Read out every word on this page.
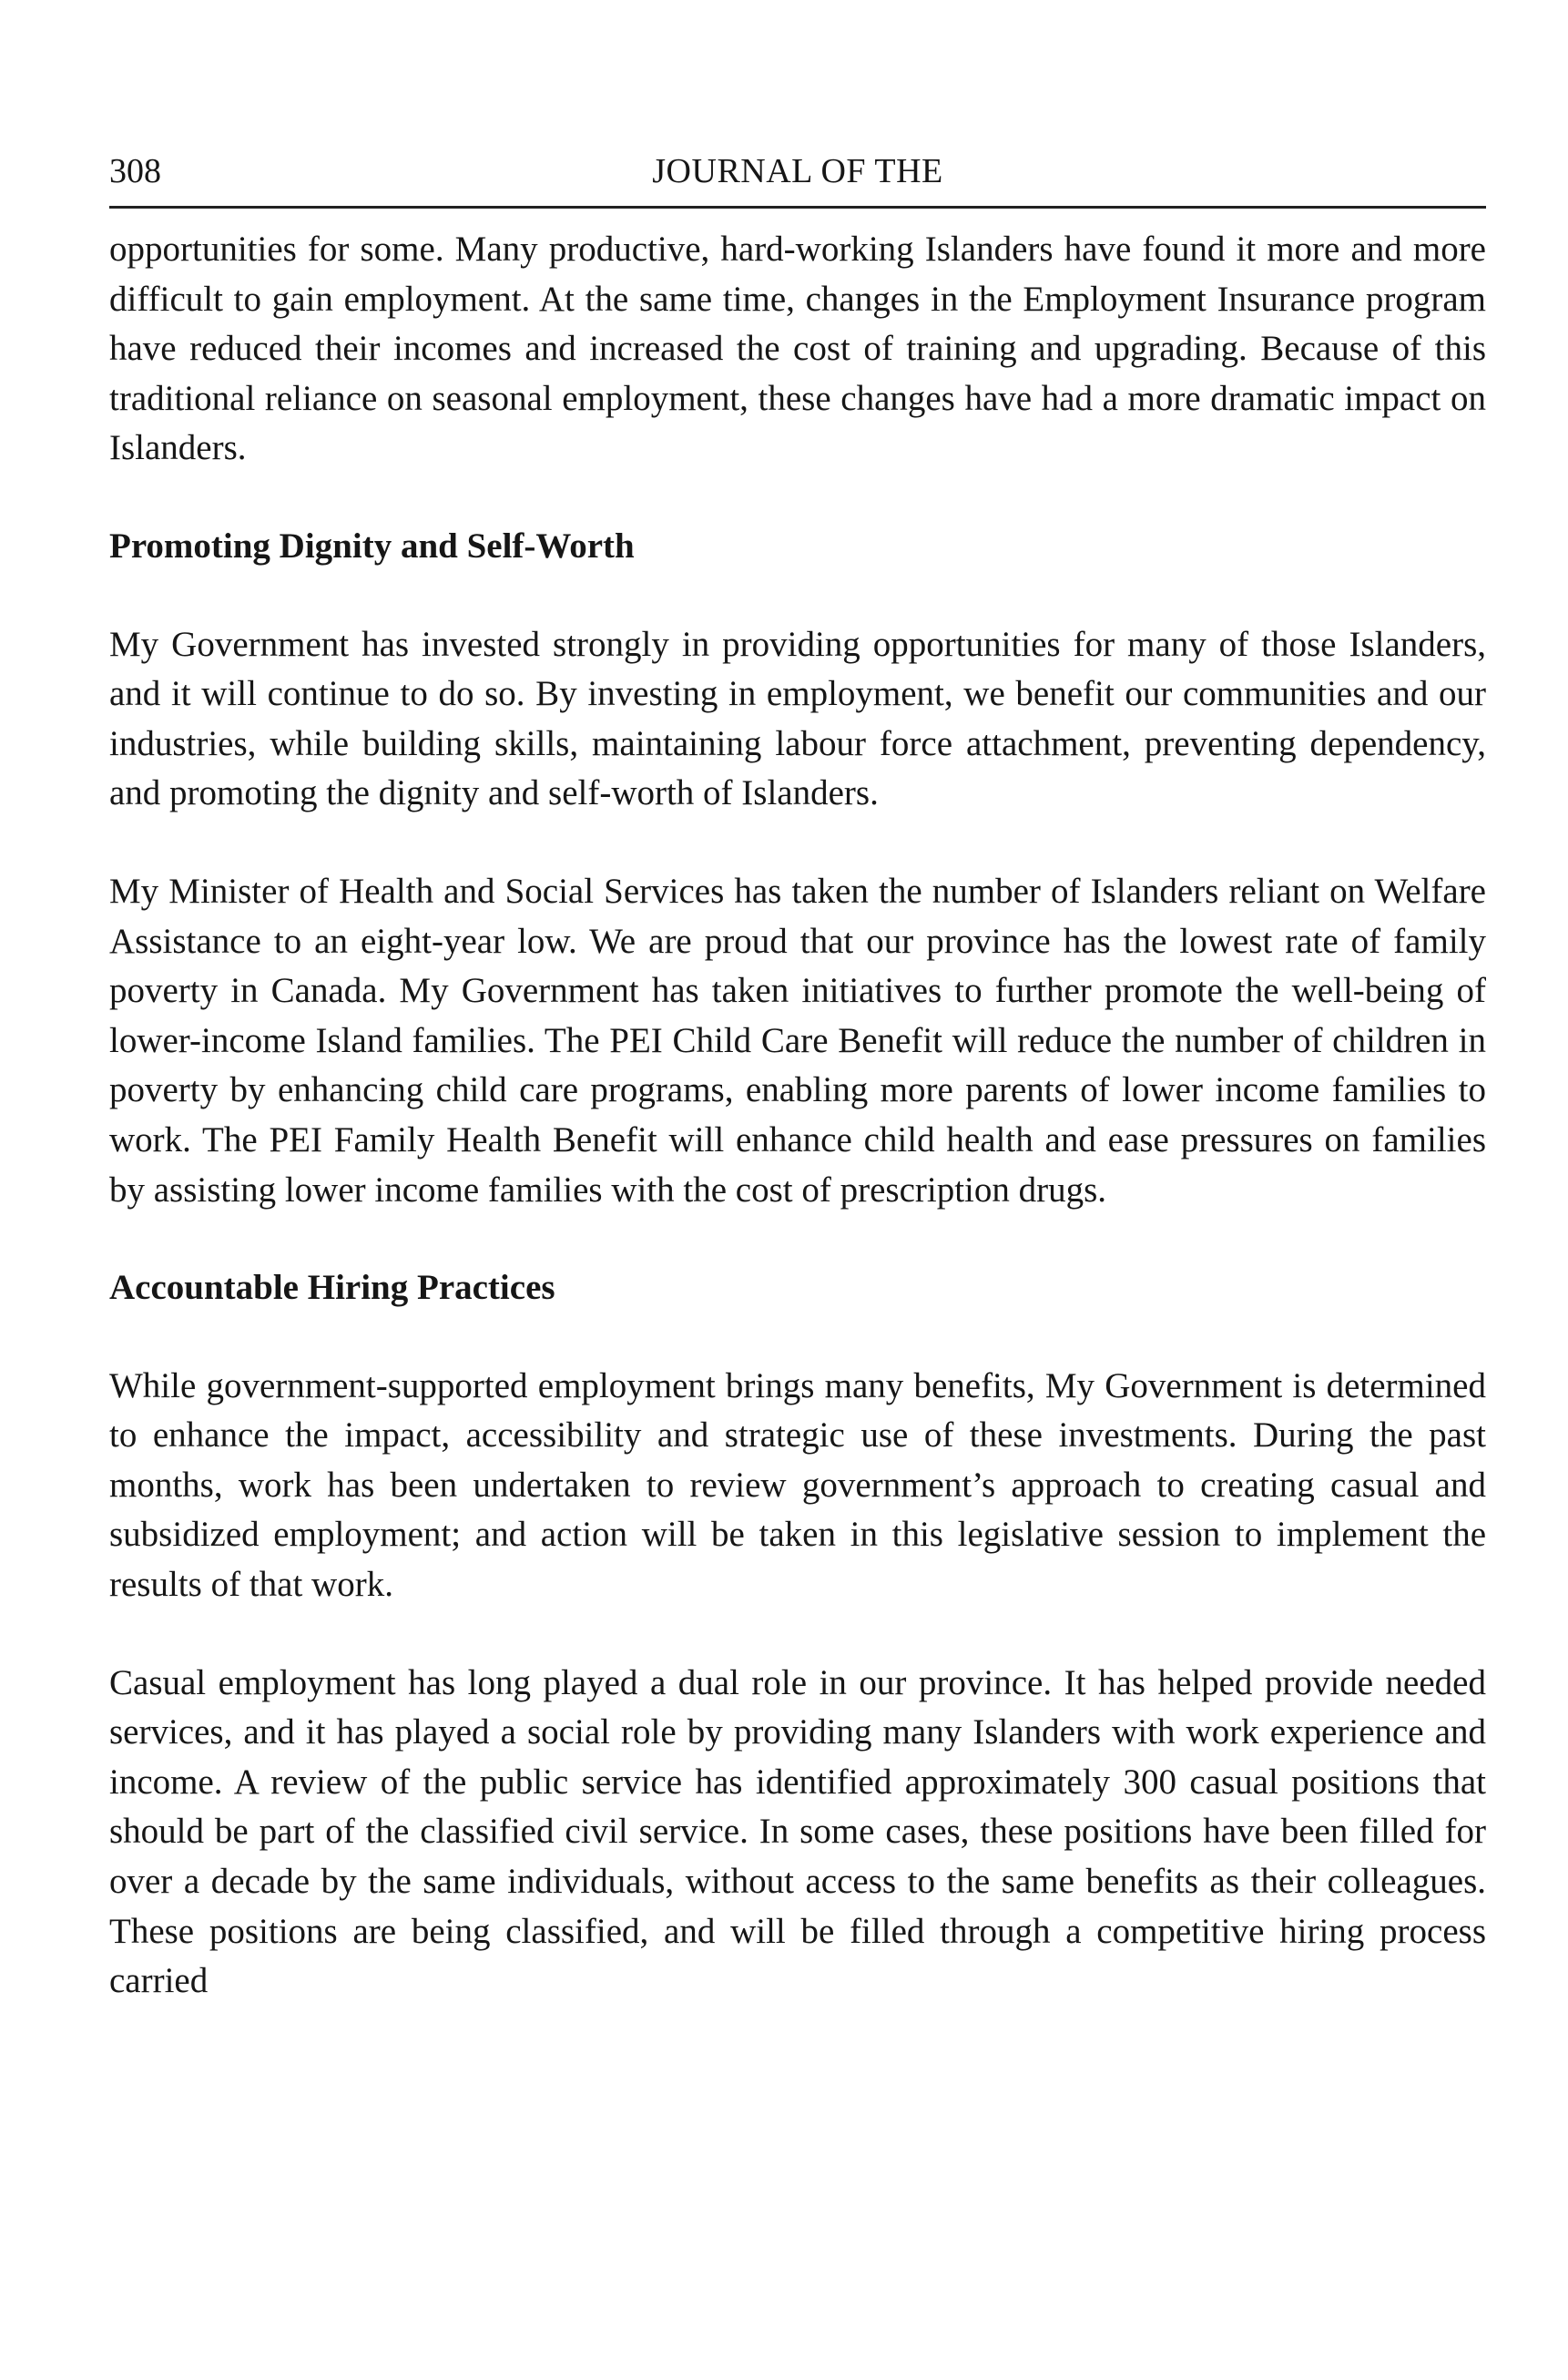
308	JOURNAL OF THE

opportunities for some. Many productive, hard-working Islanders have found it more and more difficult to gain employment. At the same time, changes in the Employment Insurance program have reduced their incomes and increased the cost of training and upgrading. Because of this traditional reliance on seasonal employment, these changes have had a more dramatic impact on Islanders.

Promoting Dignity and Self-Worth

My Government has invested strongly in providing opportunities for many of those Islanders, and it will continue to do so. By investing in employment, we benefit our communities and our industries, while building skills, maintaining labour force attachment, preventing dependency, and promoting the dignity and self-worth of Islanders.

My Minister of Health and Social Services has taken the number of Islanders reliant on Welfare Assistance to an eight-year low. We are proud that our province has the lowest rate of family poverty in Canada. My Government has taken initiatives to further promote the well-being of lower-income Island families. The PEI Child Care Benefit will reduce the number of children in poverty by enhancing child care programs, enabling more parents of lower income families to work. The PEI Family Health Benefit will enhance child health and ease pressures on families by assisting lower income families with the cost of prescription drugs.

Accountable Hiring Practices

While government-supported employment brings many benefits, My Government is determined to enhance the impact, accessibility and strategic use of these investments. During the past months, work has been undertaken to review government’s approach to creating casual and subsidized employment; and action will be taken in this legislative session to implement the results of that work.

Casual employment has long played a dual role in our province. It has helped provide needed services, and it has played a social role by providing many Islanders with work experience and income. A review of the public service has identified approximately 300 casual positions that should be part of the classified civil service. In some cases, these positions have been filled for over a decade by the same individuals, without access to the same benefits as their colleagues. These positions are being classified, and will be filled through a competitive hiring process carried
